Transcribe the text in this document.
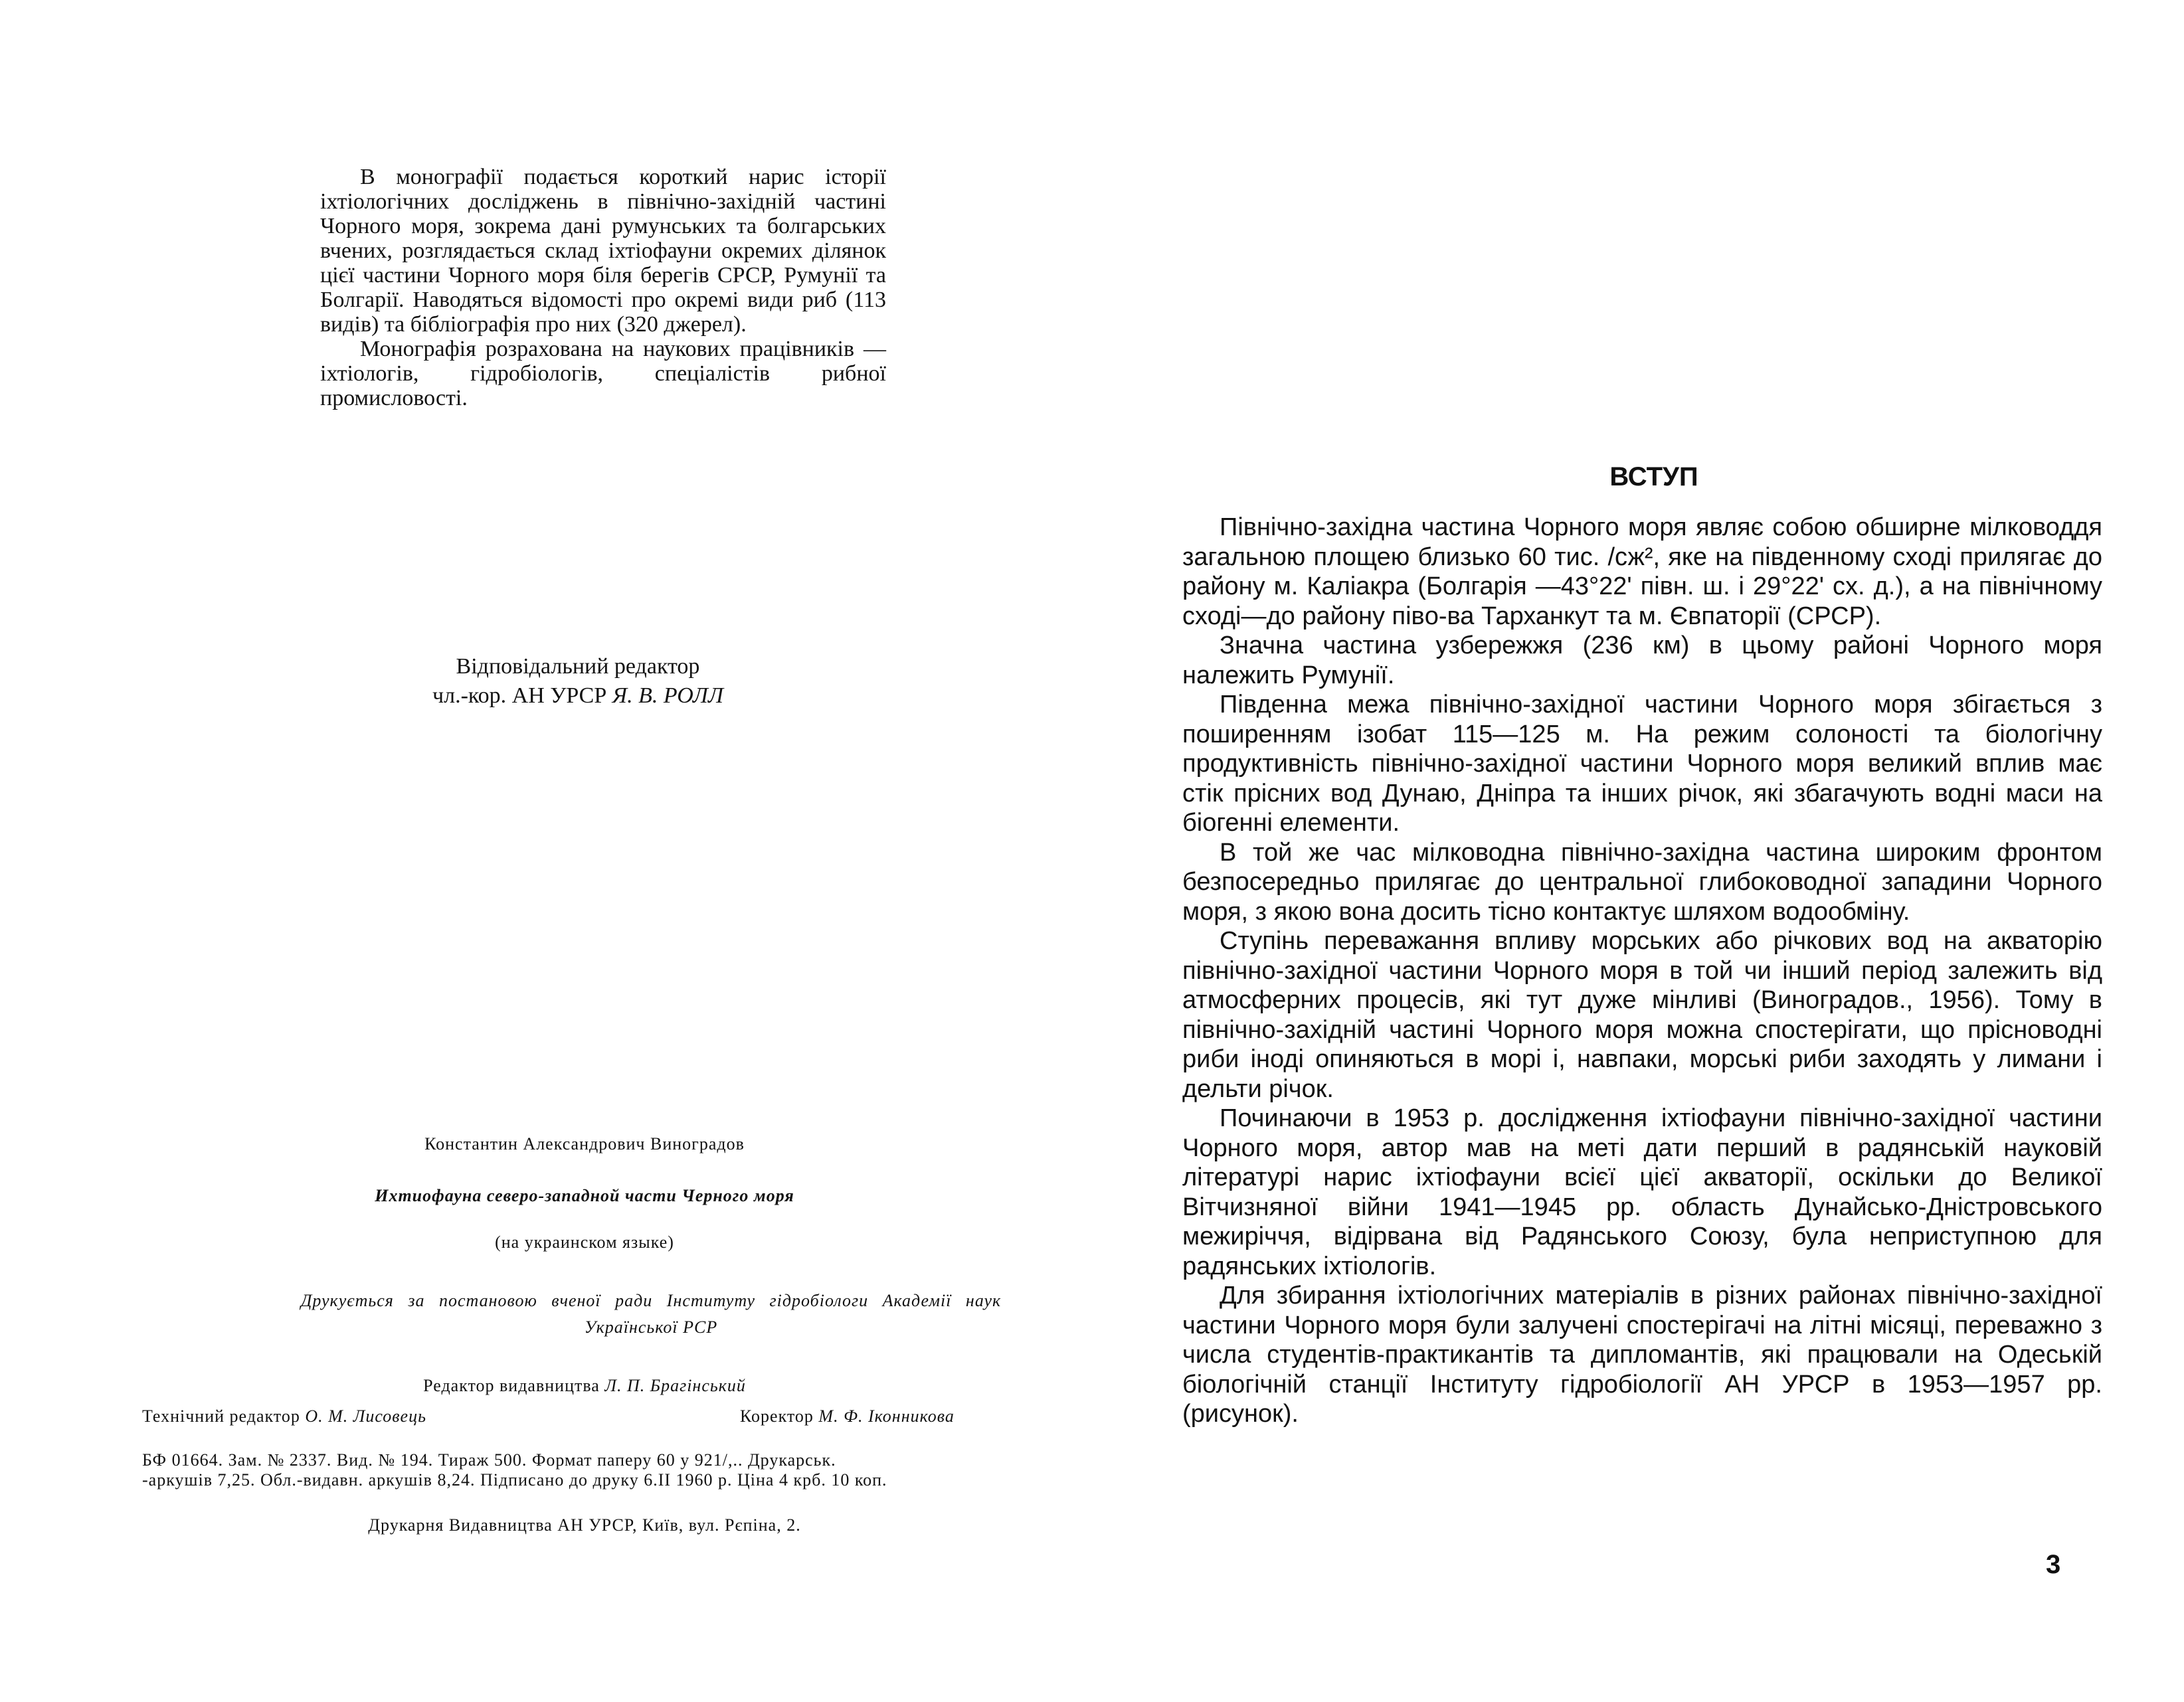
В монографії подається короткий нарис історії іхтіологічних досліджень в північно-західній частині Чорного моря, зокрема дані румунських та болгарських вчених, розглядається склад іхтіофауни окремих ділянок цієї частини Чорного моря біля берегів СРСР, Румунії та Болгарії. Наводяться відомості про окремі види риб (113 видів) та бібліографія про них (320 джерел).

Монографія розрахована на наукових працівників — іхтіологів, гідробіологів, спеціалістів рибної промисловості.

Відповідальний редактор
чл.-кор. АН УРСР Я. В. РОЛЛ
Константин Александрович Виноградов
Ихтиофауна северо-западной части Черного моря
(на украинском языке)
Друкується за постановою вченої ради Інституту гідробіологи Академії наук
Української РСР
Редактор видавництва Л. П. Брагінський
Технічний редактор О. М. Лисовець	Коректор М. Ф. Іконникова
БФ 01664. Зам. № 2337. Вид. № 194. Тираж 500. Формат паперу 60 у 921/,.. Друкарськ.
-аркушів 7,25. Обл.-видавн. аркушів 8,24. Підписано до друку 6.II 1960 р. Ціна 4 крб. 10 коп.
Друкарня Видавництва АН УРСР, Київ, вул. Рєпіна, 2.
ВСТУП

Північно-західна частина Чорного моря являє собою обширне мілководдя загальною площею близько 60 тис. /сж², яке на південному сході прилягає до району м. Каліакра (Болгарія —43°22' півн. ш. і 29°22' сх. д.), а на північному сході—до району півo-ва Тарханкут та м. Євпаторії (СРСР).

Значна частина узбережжя (236 км) в цьому районі Чорного моря належить Румунії.

Південна межа північно-західної частини Чорного моря збігається з поширенням ізобат 115—125 м. На режим солоності та біологічну продуктивність північно-західної частини Чорного моря великий вплив має стік прісних вод Дунаю, Дніпра та інших річок, які збагачують водні маси на біогенні елементи.

В той же час мілководна північно-західна частина широким фронтом безпосередньо прилягає до центральної глибоководної западини Чорного моря, з якою вона досить тісно контактує шляхом водообміну.

Ступінь переважання впливу морських або річкових вод на акваторію північно-західної частини Чорного моря в той чи інший період залежить від атмосферних процесів, які тут дуже мінливі (Виноградов., 1956). Тому в північно-західній частині Чорного моря можна спостерігати, що прісноводні риби іноді опиняються в морі і, навпаки, морські риби заходять у лимани і дельти річок.

Починаючи в 1953 р. дослідження іхтіофауни північно-західної частини Чорного моря, автор мав на меті дати перший в радянській науковій літературі нарис іхтіофауни всієї цієї акваторії, оскільки до Великої Вітчизняної війни 1941—1945 рр. область Дунайсько-Дністровського межиріччя, відірвана від Радянського Союзу, була неприступною для радянських іхтіологів.

Для збирання іхтіологічних матеріалів в різних районах північно-західної частини Чорного моря були залучені спостерігачі на літні місяці, переважно з числа студентів-практикантів та дипломантів, які працювали на Одеській біологічній станції Інституту гідробіології АН УРСР в 1953—1957 рр. (рисунок).

3
